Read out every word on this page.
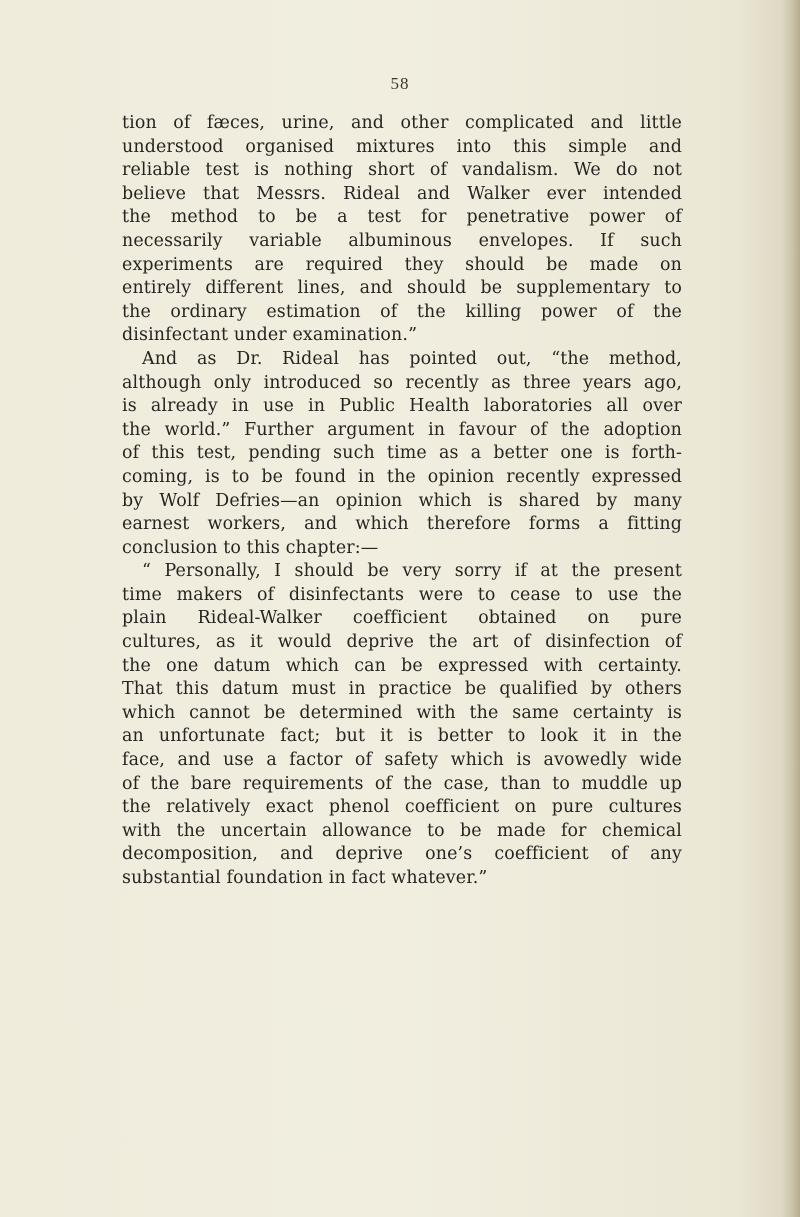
58
tion of fæces, urine, and other complicated and little
understood organised mixtures into this simple and
reliable test is nothing short of vandalism. We do not
believe that Messrs. Rideal and Walker ever intended
the method to be a test for penetrative power of
necessarily variable albuminous envelopes. If such
experiments are required they should be made on
entirely different lines, and should be supplementary to
the ordinary estimation of the killing power of the
disinfectant under examination.”
And as Dr. Rideal has pointed out, “the method,
although only introduced so recently as three years ago,
is already in use in Public Health laboratories all over
the world.” Further argument in favour of the adoption
of this test, pending such time as a better one is forth-
coming, is to be found in the opinion recently expressed
by Wolf Defries—an opinion which is shared by many
earnest workers, and which therefore forms a fitting
conclusion to this chapter:—
“ Personally, I should be very sorry if at the present
time makers of disinfectants were to cease to use the
plain Rideal-Walker coefficient obtained on pure
cultures, as it would deprive the art of disinfection of
the one datum which can be expressed with certainty.
That this datum must in practice be qualified by others
which cannot be determined with the same certainty is
an unfortunate fact; but it is better to look it in the
face, and use a factor of safety which is avowedly wide
of the bare requirements of the case, than to muddle up
the relatively exact phenol coefficient on pure cultures
with the uncertain allowance to be made for chemical
decomposition, and deprive one’s coefficient of any
substantial foundation in fact whatever.”
